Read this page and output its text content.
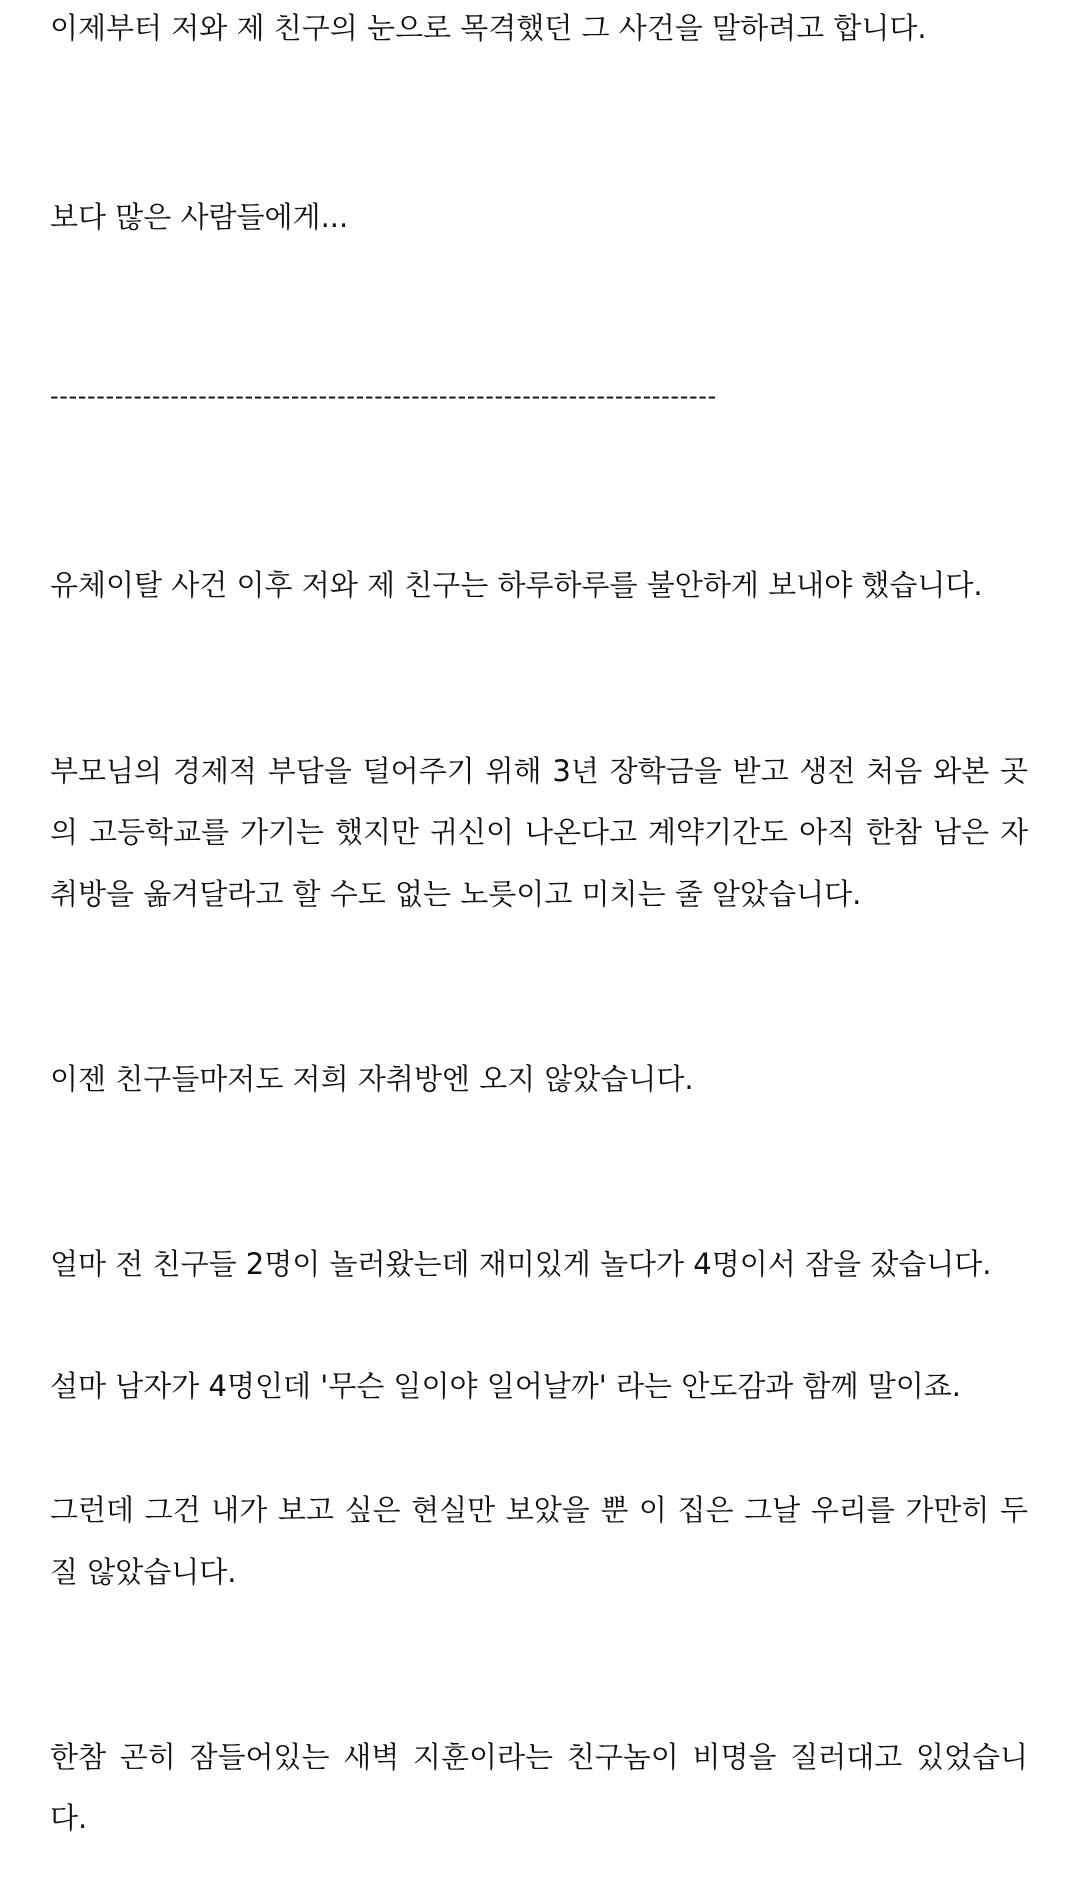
이제부터 저와 제 친구의 눈으로 목격했던 그 사건을 말하려고 합니다.
보다 많은 사람들에게...
------------------------------------------------------------------------
유체이탈 사건 이후 저와 제 친구는 하루하루를 불안하게 보내야 했습니다.
부모님의 경제적 부담을 덜어주기 위해 3년 장학금을 받고 생전 처음 와본 곳
의 고등학교를 가기는 했지만 귀신이 나온다고 계약기간도 아직 한참 남은 자
취방을 옮겨달라고 할 수도 없는 노릇이고 미치는 줄 알았습니다.
이젠 친구들마저도 저희 자취방엔 오지 않았습니다.
얼마 전 친구들 2명이 놀러왔는데 재미있게 놀다가 4명이서 잠을 잤습니다.
설마 남자가 4명인데 '무슨 일이야 일어날까' 라는 안도감과 함께 말이죠.
그런데 그건 내가 보고 싶은 현실만 보았을 뿐 이 집은 그날 우리를 가만히 두
질 않았습니다.
한참 곤히 잠들어있는 새벽 지훈이라는 친구놈이 비명을 질러대고 있었습니
다.
